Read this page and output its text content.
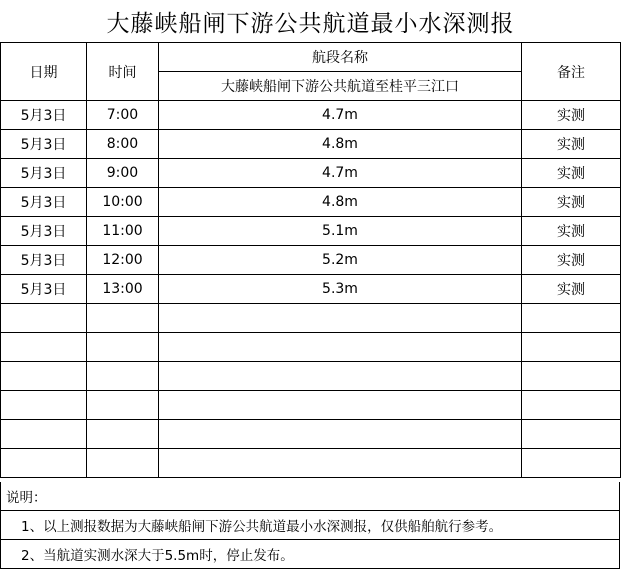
大藤峡船闸下游公共航道最小水深测报
日期	时间	航段名称	备注
		大藤峡船闸下游公共航道至桂平三江口	
5月3日	7:00	4.7m	实测
5月3日	8:00	4.8m	实测
5月3日	9:00	4.7m	实测
5月3日	10:00	4.8m	实测
5月3日	11:00	5.1m	实测
5月3日	12:00	5.2m	实测
5月3日	13:00	5.3m	实测

说明：
1、以上测报数据为大藤峡船闸下游公共航道最小水深测报，仅供船舶航行参考。
2、当航道实测水深大于5.5m时，停止发布。
